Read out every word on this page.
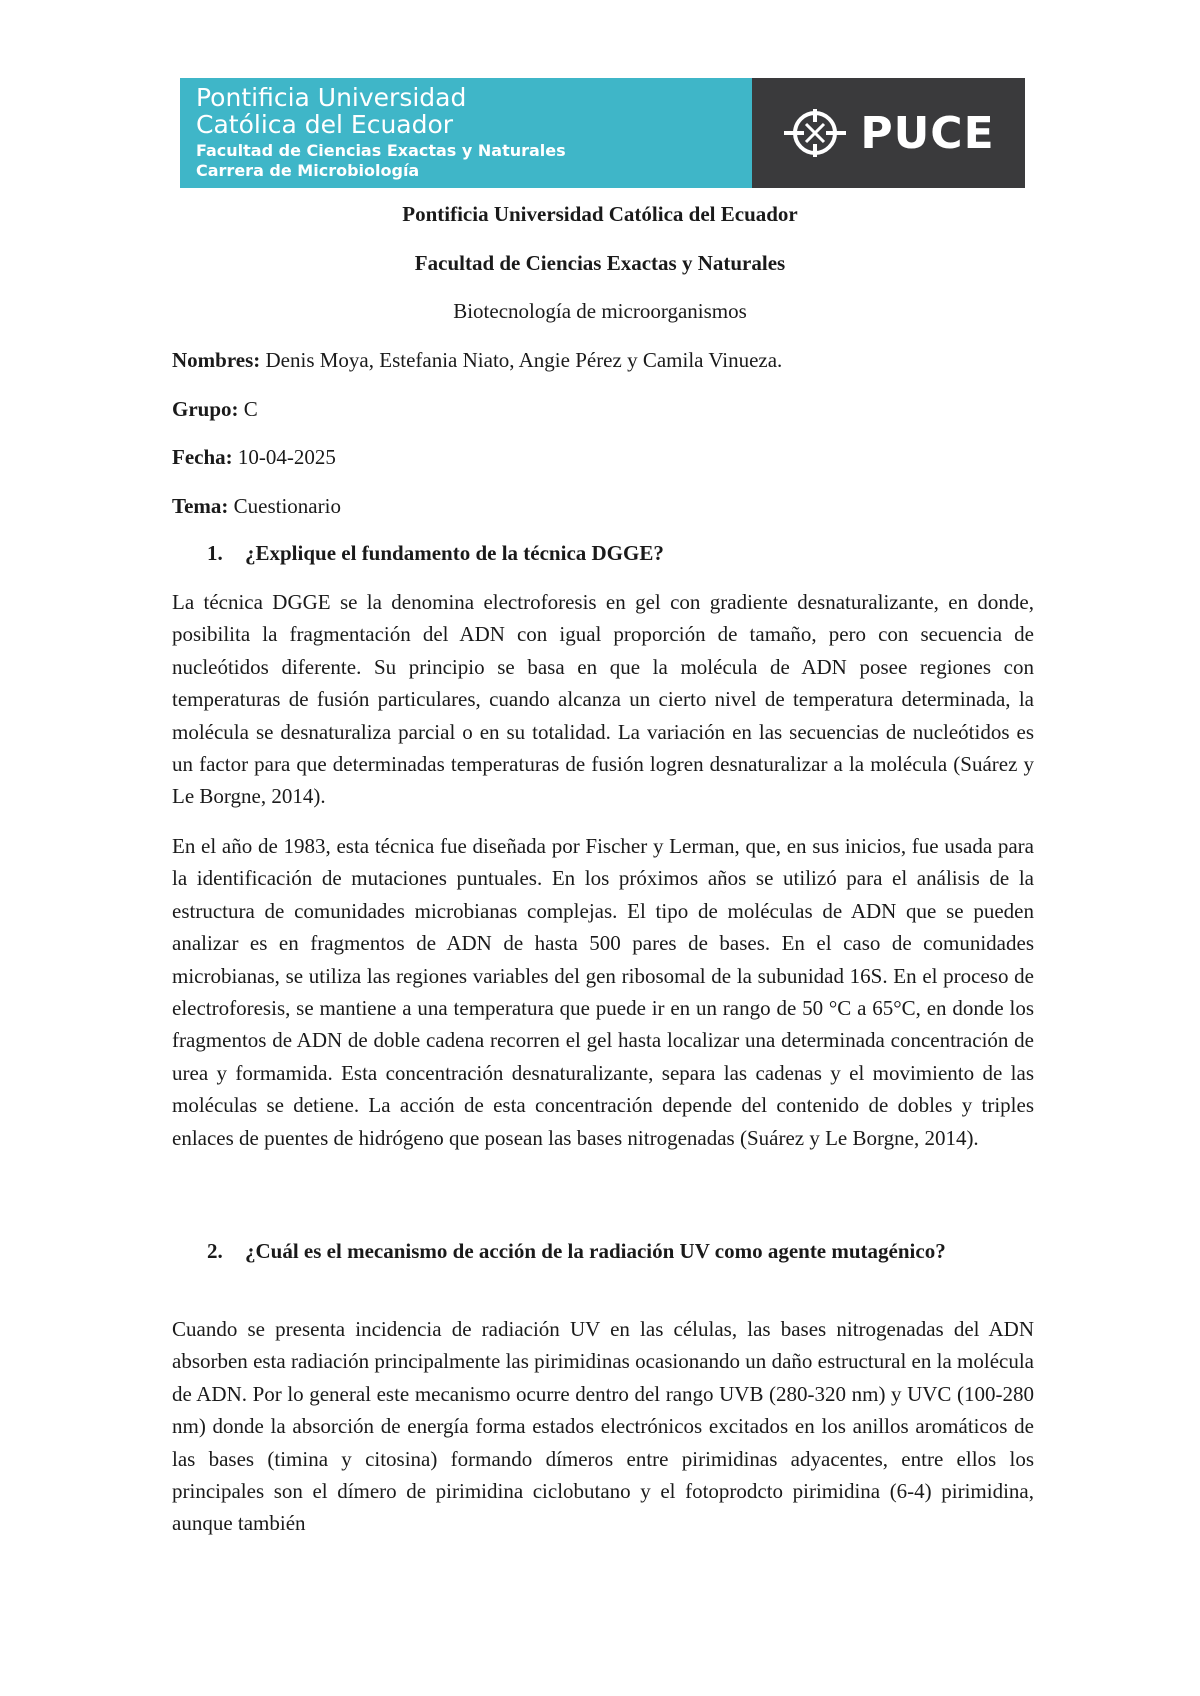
Pontificia Universidad
Católica del Ecuador
Facultad de Ciencias Exactas y Naturales
Carrera de Microbiología
PUCE
Pontificia Universidad Católica del Ecuador
Facultad de Ciencias Exactas y Naturales
Biotecnología de microorganismos
Nombres: Denis Moya, Estefania Niato, Angie Pérez y Camila Vinueza.
Grupo: C
Fecha: 10-04-2025
Tema: Cuestionario
1. ¿Explique el fundamento de la técnica DGGE?
La técnica DGGE se la denomina electroforesis en gel con gradiente desnaturalizante, en donde, posibilita la fragmentación del ADN con igual proporción de tamaño, pero con secuencia de nucleótidos diferente. Su principio se basa en que la molécula de ADN posee regiones con temperaturas de fusión particulares, cuando alcanza un cierto nivel de temperatura determinada, la molécula se desnaturaliza parcial o en su totalidad. La variación en las secuencias de nucleótidos es un factor para que determinadas temperaturas de fusión logren desnaturalizar a la molécula (Suárez y Le Borgne, 2014).
En el año de 1983, esta técnica fue diseñada por Fischer y Lerman, que, en sus inicios, fue usada para la identificación de mutaciones puntuales. En los próximos años se utilizó para el análisis de la estructura de comunidades microbianas complejas. El tipo de moléculas de ADN que se pueden analizar es en fragmentos de ADN de hasta 500 pares de bases. En el caso de comunidades microbianas, se utiliza las regiones variables del gen ribosomal de la subunidad 16S. En el proceso de electroforesis, se mantiene a una temperatura que puede ir en un rango de 50 °C a 65°C, en donde los fragmentos de ADN de doble cadena recorren el gel hasta localizar una determinada concentración de urea y formamida. Esta concentración desnaturalizante, separa las cadenas y el movimiento de las moléculas se detiene. La acción de esta concentración depende del contenido de dobles y triples enlaces de puentes de hidrógeno que posean las bases nitrogenadas (Suárez y Le Borgne, 2014).
2. ¿Cuál es el mecanismo de acción de la radiación UV como agente mutagénico?
Cuando se presenta incidencia de radiación UV en las células, las bases nitrogenadas del ADN absorben esta radiación principalmente las pirimidinas ocasionando un daño estructural en la molécula de ADN. Por lo general este mecanismo ocurre dentro del rango UVB (280-320 nm) y UVC (100-280 nm) donde la absorción de energía forma estados electrónicos excitados en los anillos aromáticos de las bases (timina y citosina) formando dímeros entre pirimidinas adyacentes, entre ellos los principales son el dímero de pirimidina ciclobutano y el fotoprodcto pirimidina (6-4) pirimidina, aunque también
